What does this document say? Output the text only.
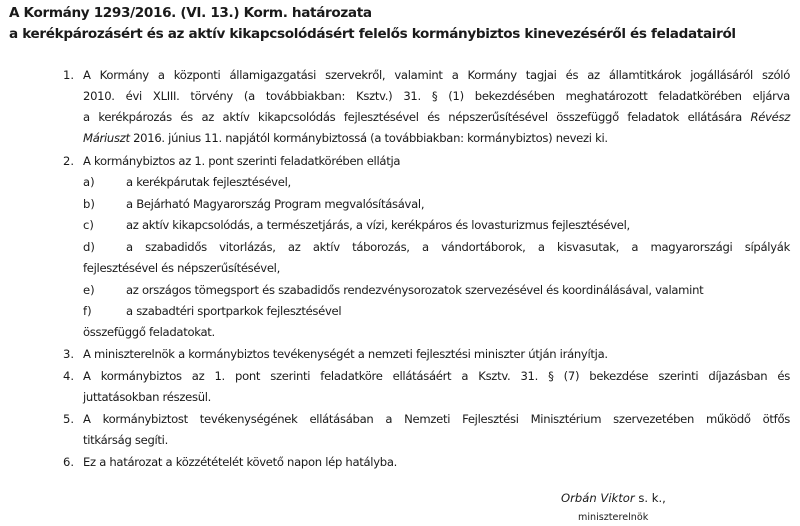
A Kormány 1293/2016. (VI. 13.) Korm. határozata
a kerékpározásért és az aktív kikapcsolódásért felelős kormánybiztos kinevezéséről és feladatairól
1. A Kormány a központi államigazgatási szervekről, valamint a Kormány tagjai és az államtitkárok jogállásáról szóló
2010. évi XLIII. törvény (a továbbiakban: Ksztv.) 31. § (1) bekezdésében meghatározott feladatkörében eljárva
a kerékpározás és az aktív kikapcsolódás fejlesztésével és népszerűsítésével összefüggő feladatok ellátására Révész
Máriuszt 2016. június 11. napjától kormánybiztossá (a továbbiakban: kormánybiztos) nevezi ki.
2. A kormánybiztos az 1. pont szerinti feladatkörében ellátja
a)	a kerékpárutak fejlesztésével,
b)	a Bejárható Magyarország Program megvalósításával,
c)	az aktív kikapcsolódás, a természetjárás, a vízi, kerékpáros és lovasturizmus fejlesztésével,
d)	a szabadidős vitorlázás, az aktív táborozás, a vándortáborok, a kisvasutak, a magyarországi sípályák
fejlesztésével és népszerűsítésével,
e)	az országos tömegsport és szabadidős rendezvénysorozatok szervezésével és koordinálásával, valamint
f)	a szabadtéri sportparkok fejlesztésével
összefüggő feladatokat.
3. A miniszterelnök a kormánybiztos tevékenységét a nemzeti fejlesztési miniszter útján irányítja.
4. A kormánybiztos az 1. pont szerinti feladatköre ellátásáért a Ksztv. 31. § (7) bekezdése szerinti díjazásban és
juttatásokban részesül.
5. A kormánybiztost tevékenységének ellátásában a Nemzeti Fejlesztési Minisztérium szervezetében működő ötfős
titkárság segíti.
6. Ez a határozat a közzétételét követő napon lép hatályba.
Orbán Viktor s. k.,
miniszterelnök
